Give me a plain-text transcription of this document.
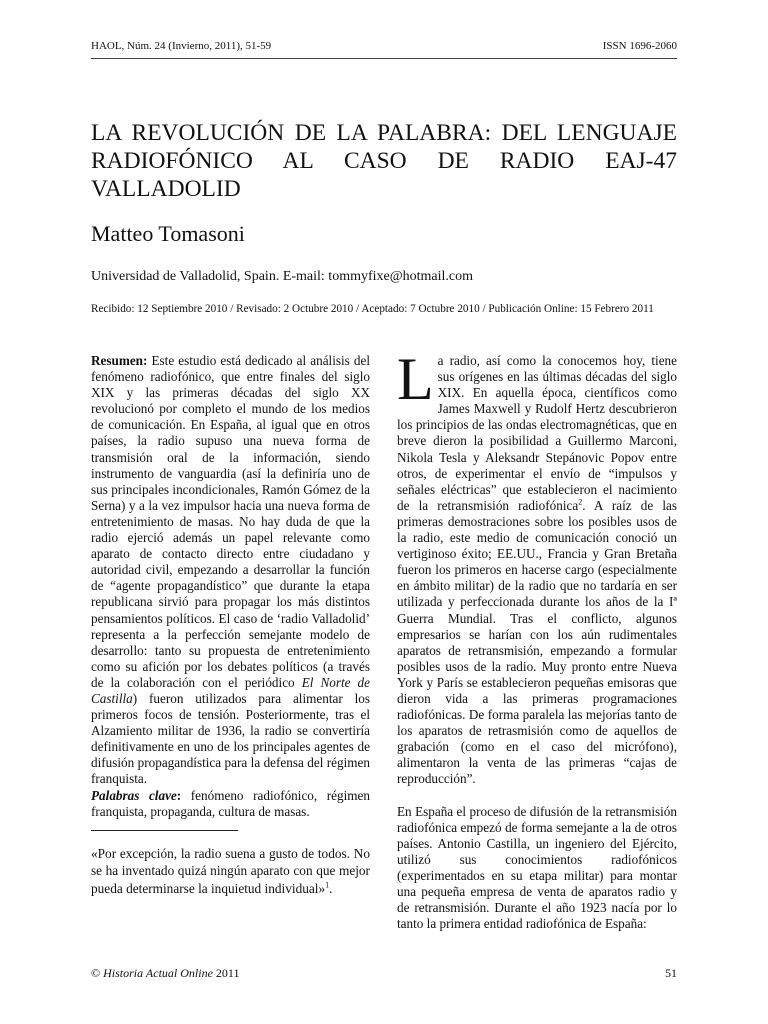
HAOL, Núm. 24 (Invierno, 2011), 51-59	ISSN 1696-2060
LA REVOLUCIÓN DE LA PALABRA: DEL LENGUAJE
RADIOFÓNICO AL CASO DE RADIO EAJ-47
VALLADOLID
Matteo Tomasoni
Universidad de Valladolid, Spain. E-mail: tommyfixe@hotmail.com
Recibido: 12 Septiembre 2010 / Revisado: 2 Octubre 2010 / Aceptado: 7 Octubre 2010 / Publicación Online: 15 Febrero 2011

Resumen: Este estudio está dedicado al análisis del fenómeno radiofónico, que entre finales del siglo XIX y las primeras décadas del siglo XX revolucionó por completo el mundo de los medios de comunicación. En España, al igual que en otros países, la radio supuso una nueva forma de transmisión oral de la información, siendo instrumento de vanguardia (así la definiría uno de sus principales incondicionales, Ramón Gómez de la Serna) y a la vez impulsor hacia una nueva forma de entretenimiento de masas. No hay duda de que la radio ejerció además un papel relevante como aparato de contacto directo entre ciudadano y autoridad civil, empezando a desarrollar la función de “agente propagandístico” que durante la etapa republicana sirvió para propagar los más distintos pensamientos políticos. El caso de ‘radio Valladolid’ representa a la perfección semejante modelo de desarrollo: tanto su propuesta de entretenimiento como su afición por los debates políticos (a través de la colaboración con el periódico El Norte de Castilla) fueron utilizados para alimentar los primeros focos de tensión. Posteriormente, tras el Alzamiento militar de 1936, la radio se convertiría definitivamente en uno de los principales agentes de difusión propagandística para la defensa del régimen franquista.

Palabras clave: fenómeno radiofónico, régimen franquista, propaganda, cultura de masas.

«Por excepción, la radio suena a gusto de todos. No se ha inventado quizá ningún aparato con que mejor pueda determinarse la inquietud individual»$^1$.

La radio, así como la conocemos hoy, tiene sus orígenes en las últimas décadas del siglo XIX. En aquella época, científicos como James Maxwell y Rudolf Hertz descubrieron los principios de las ondas electromagnéticas, que en breve dieron la posibilidad a Guillermo Marconi, Nikola Tesla y Aleksandr Stepánovic Popov entre otros, de experimentar el envío de “impulsos y señales eléctricas” que establecieron el nacimiento de la retransmisión radiofónica$^2$. A raíz de las primeras demostraciones sobre los posibles usos de la radio, este medio de comunicación conoció un vertiginoso éxito; EE.UU., Francia y Gran Bretaña fueron los primeros en hacerse cargo (especialmente en ámbito militar) de la radio que no tardaría en ser utilizada y perfeccionada durante los años de la Iª Guerra Mundial. Tras el conflicto, algunos empresarios se harían con los aún rudimentales aparatos de retransmisión, empezando a formular posibles usos de la radio. Muy pronto entre Nueva York y París se establecieron pequeñas emisoras que dieron vida a las primeras programaciones radiofónicas. De forma paralela las mejorías tanto de los aparatos de retrasmisión como de aquellos de grabación (como en el caso del micrófono), alimentaron la venta de las primeras “cajas de reproducción”.

En España el proceso de difusión de la retransmisión radiofónica empezó de forma semejante a la de otros países. Antonio Castilla, un ingeniero del Ejército, utilizó sus conocimientos radiofónicos (experimentados en su etapa militar) para montar una pequeña empresa de venta de aparatos radio y de retransmisión. Durante el año 1923 nacía por lo tanto la primera entidad radiofónica de España:

© Historia Actual Online 2011	51
